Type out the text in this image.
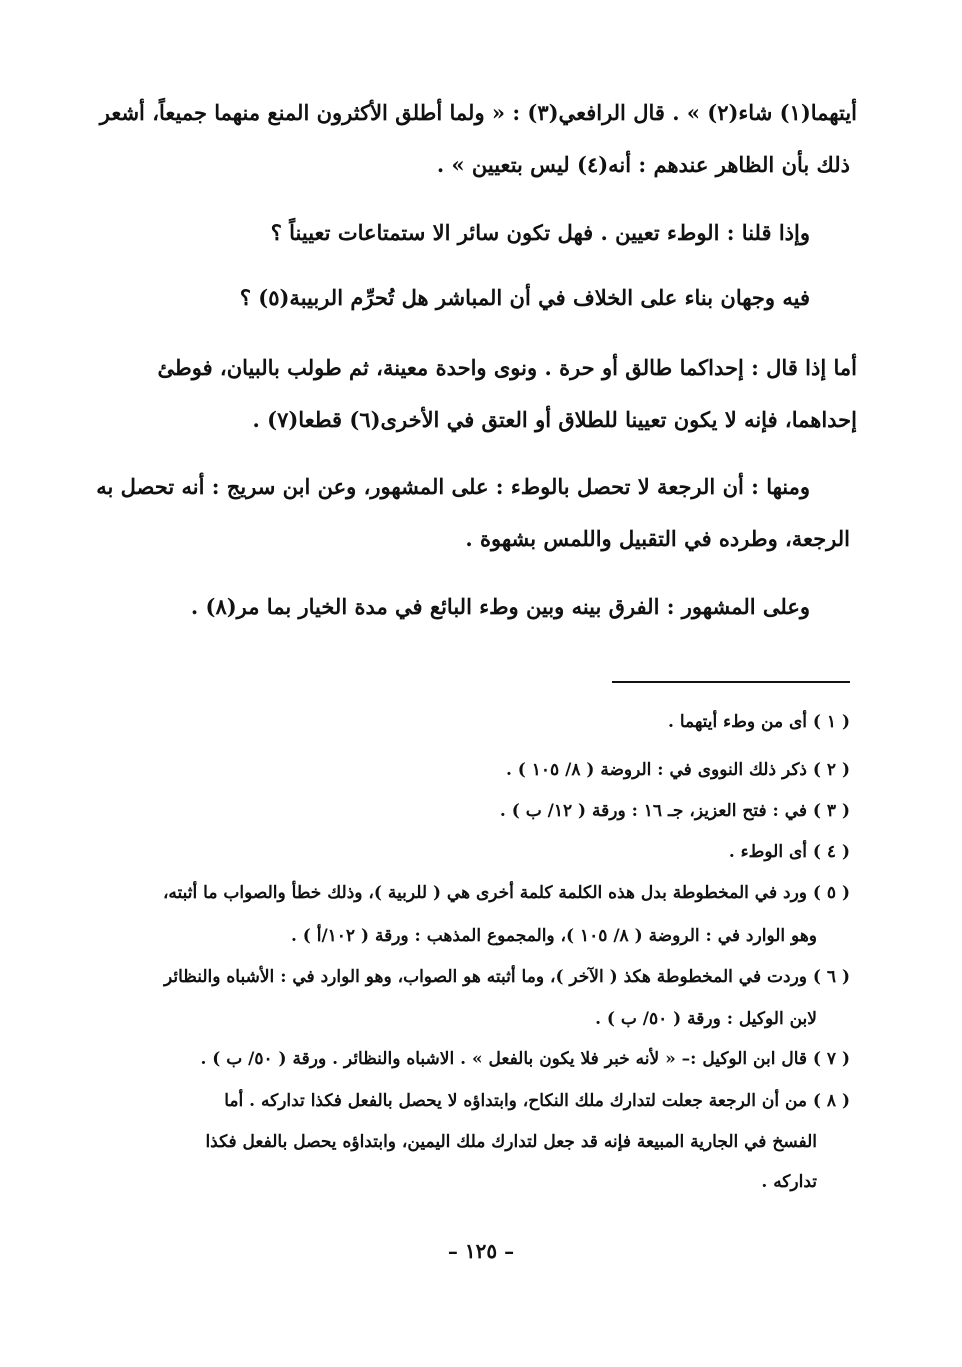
أيتهما(١) شاء(٢) » . قال الرافعي(٣) : « ولما أطلق الأكثرون المنع منهما جميعاً، أشعر
ذلك بأن الظاهر عندهم : أنه(٤) ليس بتعيين » .
وإذا قلنا : الوطء تعيين . فهل تكون سائر الا ستمتاعات تعييناً ؟
فيه وجهان بناء على الخلاف في أن المباشر هل تُحرِّم الربيبة(٥) ؟
أما إذا قال : إحداكما طالق أو حرة . ونوى واحدة معينة، ثم طولب بالبيان، فوطئ
إحداهما، فإنه لا يكون تعيينا للطلاق أو العتق في الأخرى(٦) قطعا(٧) .
ومنها : أن الرجعة لا تحصل بالوطء : على المشهور، وعن ابن سريج : أنه تحصل به
الرجعة، وطرده في التقبيل واللمس بشهوة .
وعلى المشهور : الفرق بينه وبين وطء البائع في مدة الخيار بما مر(٨) .
( ١ ) أى من وطء أيتهما .
( ٢ ) ذكر ذلك النووى في : الروضة ( ٨/ ١٠٥ ) .
( ٣ ) في : فتح العزيز، جـ ١٦ : ورقة ( ١٢/ ب ) .
( ٤ ) أى الوطء .
( ٥ ) ورد في المخطوطة بدل هذه الكلمة كلمة أخرى هي ( للربية )، وذلك خطأ والصواب ما أثبته،
وهو الوارد في : الروضة ( ٨/ ١٠٥ )، والمجموع المذهب : ورقة ( ١٠٢/أ ) .
( ٦ ) وردت في المخطوطة هكذ ( الآخر )، وما أثبته هو الصواب، وهو الوارد في : الأشباه والنظائر
لابن الوكيل : ورقة ( ٥٠/ ب ) .
( ٧ ) قال ابن الوكيل :– « لأنه خبر فلا يكون بالفعل » . الاشباه والنظائر . ورقة ( ٥٠/ ب ) .
( ٨ ) من أن الرجعة جعلت لتدارك ملك النكاح، وابتداؤه لا يحصل بالفعل فكذا تداركه . أما
الفسخ في الجارية المبيعة فإنه قد جعل لتدارك ملك اليمين، وابتداؤه يحصل بالفعل فكذا
تداركه .
– ١٢٥ –
